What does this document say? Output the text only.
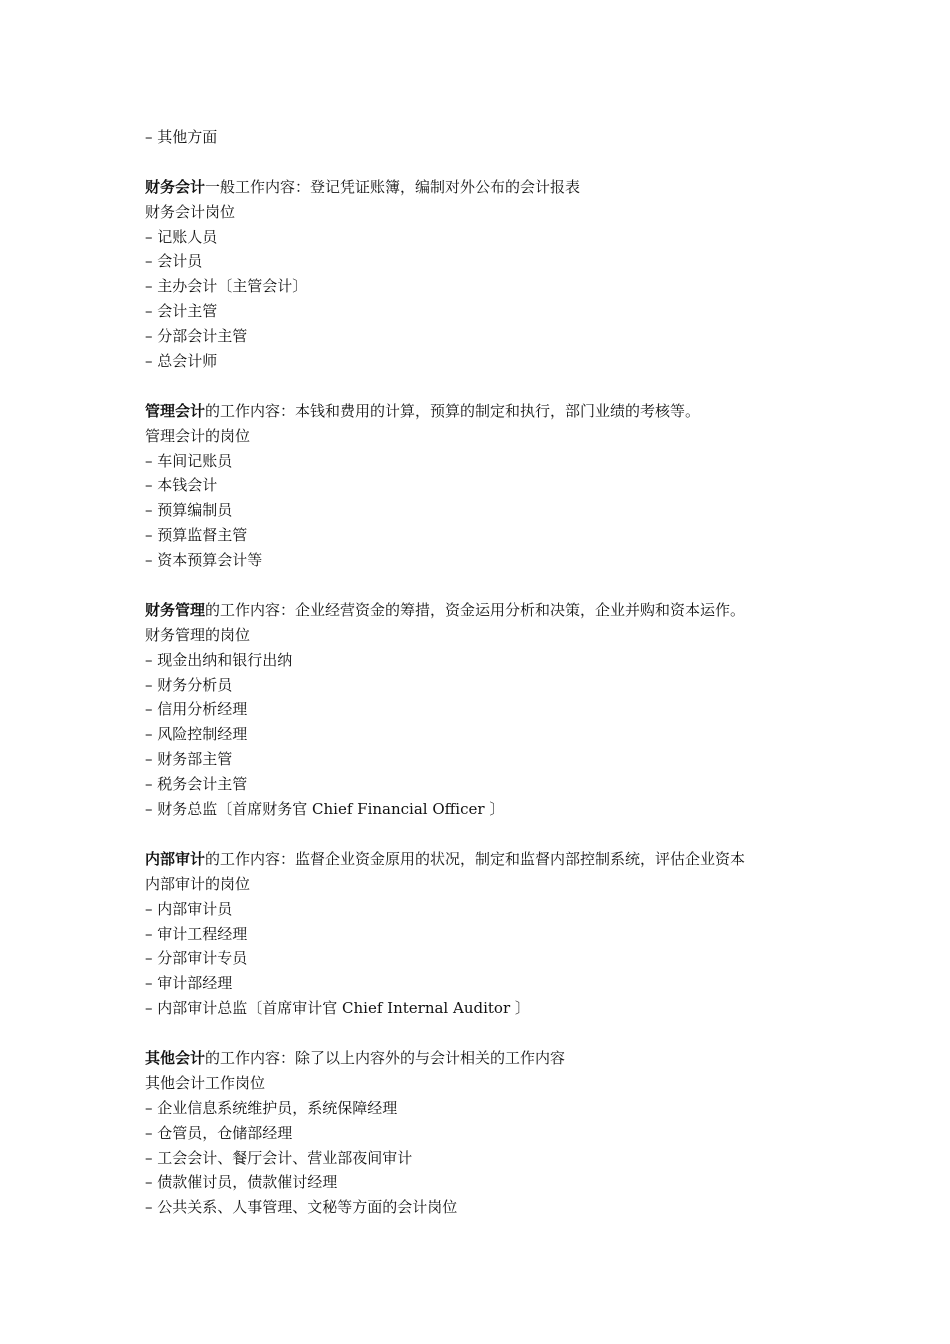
– 其他方面
财务会计一般工作内容：登记凭证账簿，编制对外公布的会计报表
财务会计岗位
– 记账人员
– 会计员
– 主办会计〔主管会计〕
– 会计主管
– 分部会计主管
– 总会计师
管理会计的工作内容：本钱和费用的计算，预算的制定和执行，部门业绩的考核等。
管理会计的岗位
– 车间记账员
– 本钱会计
– 预算编制员
– 预算监督主管
– 资本预算会计等
财务管理的工作内容：企业经营资金的筹措，资金运用分析和决策，企业并购和资本运作。
财务管理的岗位
– 现金出纳和银行出纳
– 财务分析员
– 信用分析经理
– 风险控制经理
– 财务部主管
– 税务会计主管
– 财务总监〔首席财务官 Chief Financial Officer 〕
内部审计的工作内容：监督企业资金原用的状况，制定和监督内部控制系统，评估企业资本
内部审计的岗位
– 内部审计员
– 审计工程经理
– 分部审计专员
– 审计部经理
– 内部审计总监〔首席审计官 Chief Internal Auditor 〕
其他会计的工作内容：除了以上内容外的与会计相关的工作内容
其他会计工作岗位
– 企业信息系统维护员，系统保障经理
– 仓管员，仓储部经理
– 工会会计、餐厅会计、营业部夜间审计
– 债款催讨员，债款催讨经理
– 公共关系、人事管理、文秘等方面的会计岗位
